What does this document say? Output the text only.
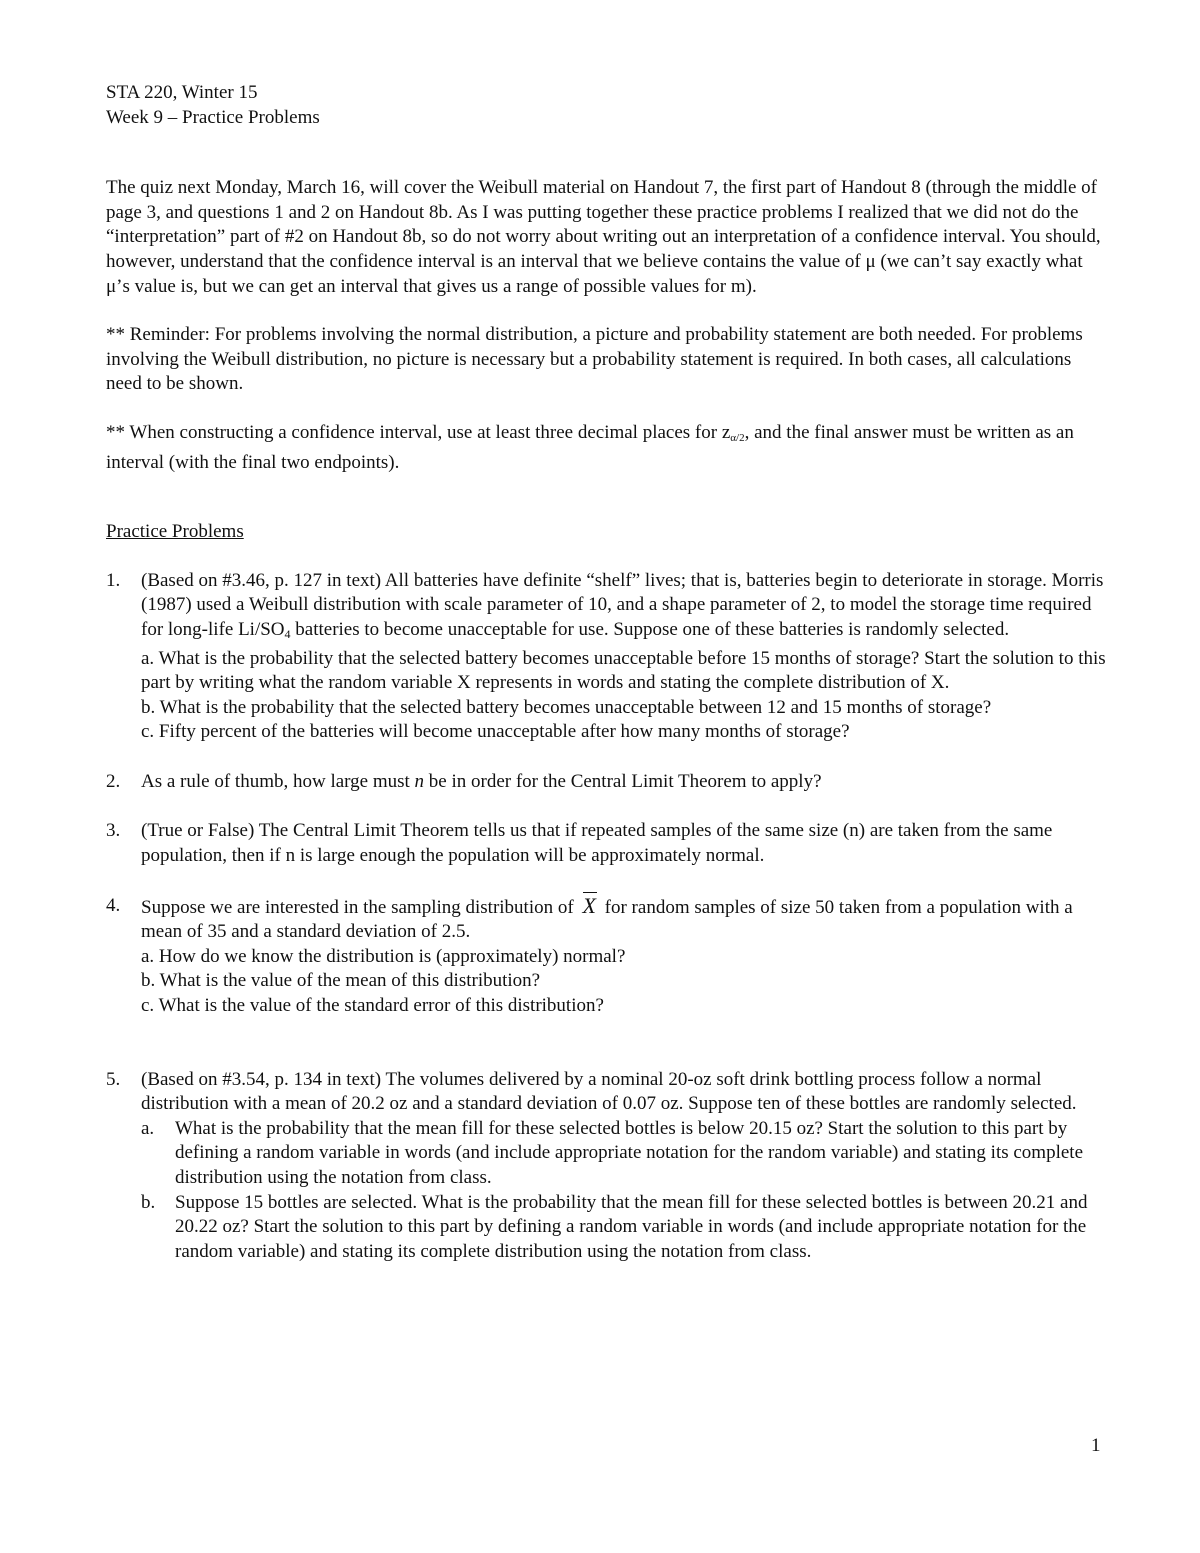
STA 220, Winter 15
Week 9 – Practice Problems

The quiz next Monday, March 16, will cover the Weibull material on Handout 7, the first part of Handout 8 (through the middle of page 3, and questions 1 and 2 on Handout 8b. As I was putting together these practice problems I realized that we did not do the “interpretation” part of #2 on Handout 8b, so do not worry about writing out an interpretation of a confidence interval. You should, however, understand that the confidence interval is an interval that we believe contains the value of μ (we can’t say exactly what μ’s value is, but we can get an interval that gives us a range of possible values for m).

** Reminder: For problems involving the normal distribution, a picture and probability statement are both needed. For problems involving the Weibull distribution, no picture is necessary but a probability statement is required. In both cases, all calculations need to be shown.

** When constructing a confidence interval, use at least three decimal places for zα/2, and the final answer must be written as an interval (with the final two endpoints).

Practice Problems

1. (Based on #3.46, p. 127 in text) All batteries have definite “shelf” lives; that is, batteries begin to deteriorate in storage. Morris (1987) used a Weibull distribution with scale parameter of 10, and a shape parameter of 2, to model the storage time required for long-life $Li/SO_4$ batteries to become unacceptable for use. Suppose one of these batteries is randomly selected.
a. What is the probability that the selected battery becomes unacceptable before 15 months of storage? Start the solution to this part by writing what the random variable X represents in words and stating the complete distribution of X.
b. What is the probability that the selected battery becomes unacceptable between 12 and 15 months of storage?
c. Fifty percent of the batteries will become unacceptable after how many months of storage?
2. As a rule of thumb, how large must n be in order for the Central Limit Theorem to apply?
3. (True or False) The Central Limit Theorem tells us that if repeated samples of the same size (n) are taken from the same population, then if n is large enough the population will be approximately normal.
4. Suppose we are interested in the sampling distribution of
X for random samples of size 50 taken from a population with a mean of 35 and a standard deviation of 2.5.
a. How do we know the distribution is (approximately) normal?
b. What is the value of the mean of this distribution?
c. What is the value of the standard error of this distribution?
5. (Based on #3.54, p. 134 in text) The volumes delivered by a nominal 20-oz soft drink bottling process follow a normal distribution with a mean of 20.2 oz and a standard deviation of 0.07 oz. Suppose ten of these bottles are randomly selected.
a. What is the probability that the mean fill for these selected bottles is below 20.15 oz? Start the solution to this part by defining a random variable in words (and include appropriate notation for the random variable) and stating its complete distribution using the notation from class.
b. Suppose 15 bottles are selected. What is the probability that the mean fill for these selected bottles is between 20.21 and 20.22 oz? Start the solution to this part by defining a random variable in words (and include appropriate notation for the random variable) and stating its complete distribution using the notation from class.
1
